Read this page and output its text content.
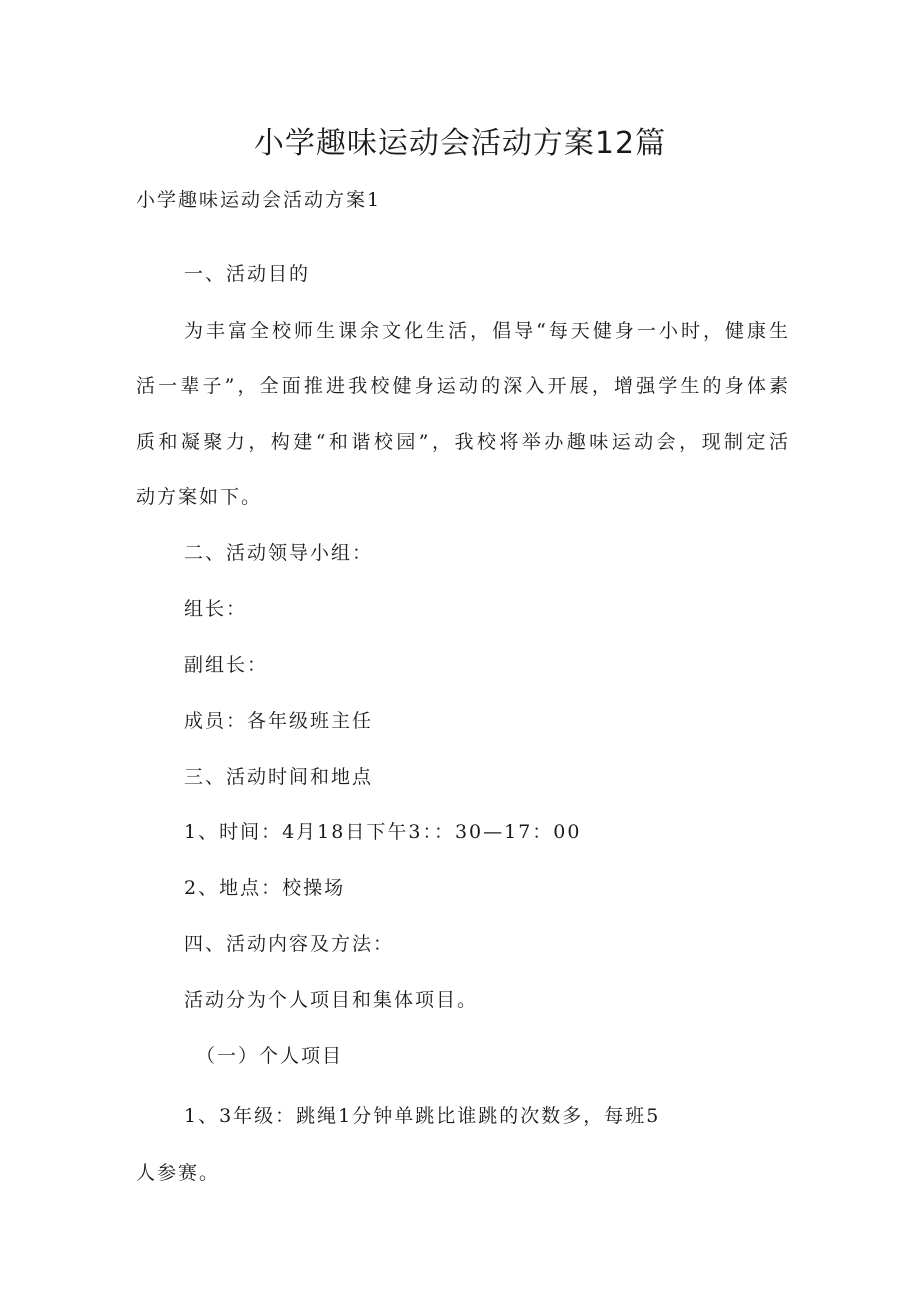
小学趣味运动会活动方案12篇
小学趣味运动会活动方案1
一、活动目的
为丰富全校师生课余文化生活，倡导“每天健身一小时，健康生
活一辈子”，全面推进我校健身运动的深入开展，增强学生的身体素
质和凝聚力，构建“和谐校园”，我校将举办趣味运动会，现制定活
动方案如下。
二、活动领导小组：
组长：
副组长：
成员：各年级班主任
三、活动时间和地点
1、时间：4月18日下午3：：30—17：00
2、地点：校操场
四、活动内容及方法：
活动分为个人项目和集体项目。
（一）个人项目
1、3年级：跳绳1分钟单跳比谁跳的次数多，每班5
人参赛。
